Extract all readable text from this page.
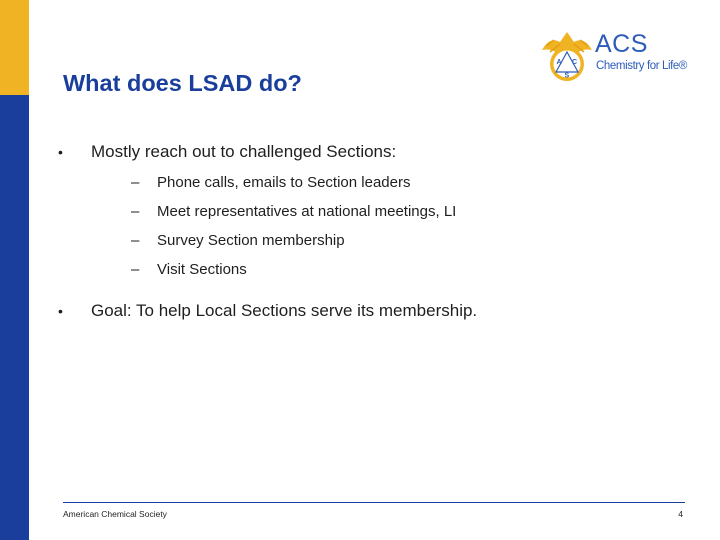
A C
S
ACS
Chemistry for Life®
What does LSAD do?
•	Mostly reach out to challenged Sections:
– Phone calls, emails to Section leaders
– Meet representatives at national meetings, LI
– Survey Section membership
– Visit Sections
•	Goal: To help Local Sections serve its membership.
American Chemical Society	4
